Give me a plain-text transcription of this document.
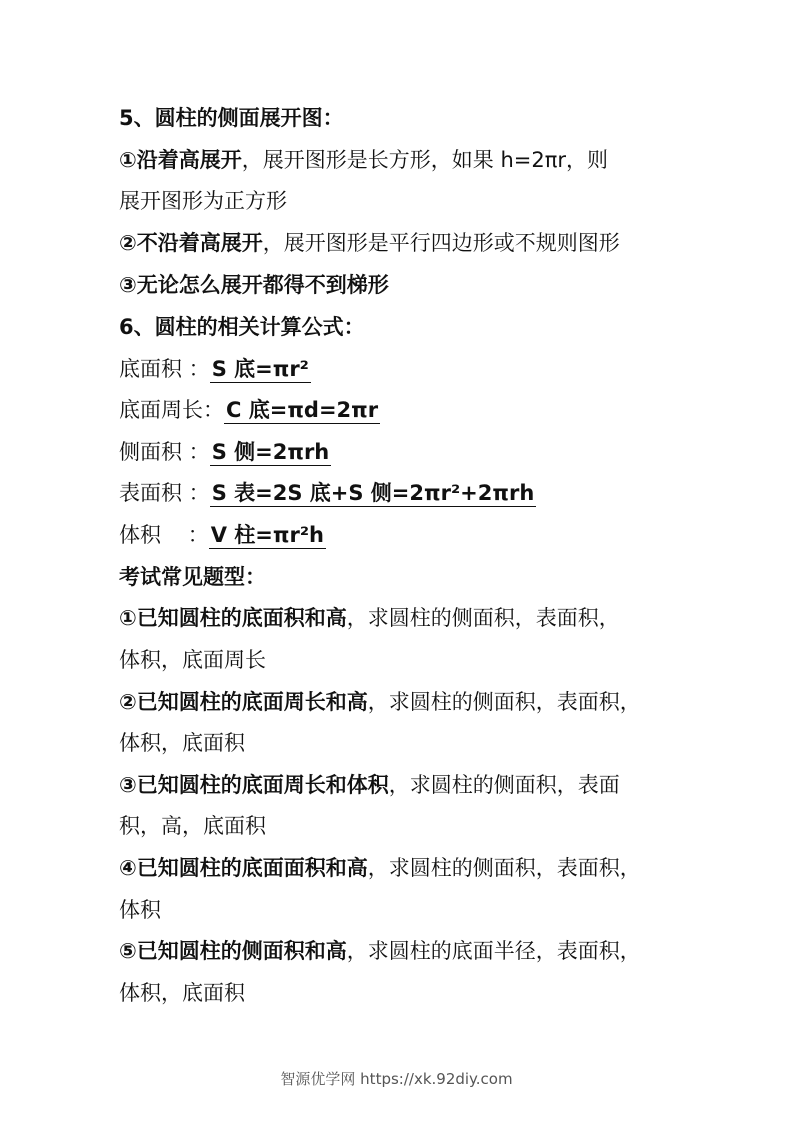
5、圆柱的侧面展开图：
①沿着高展开，展开图形是长方形，如果 h=2πr，则
展开图形为正方形
②不沿着高展开，展开图形是平行四边形或不规则图形
③无论怎么展开都得不到梯形
6、圆柱的相关计算公式：
底面积 ：S 底=πr²
底面周长：C 底=πd=2πr
侧面积 ：S 侧=2πrh
表面积 ：S 表=2S 底+S 侧=2πr²+2πrh
体积    ：V 柱=πr²h
考试常见题型：
①已知圆柱的底面积和高，求圆柱的侧面积，表面积，
体积，底面周长
②已知圆柱的底面周长和高，求圆柱的侧面积，表面积，
体积，底面积
③已知圆柱的底面周长和体积，求圆柱的侧面积，表面
积，高，底面积
④已知圆柱的底面面积和高，求圆柱的侧面积，表面积，
体积
⑤已知圆柱的侧面积和高，求圆柱的底面半径，表面积，
体积，底面积
智源优学网 https://xk.92diy.com
